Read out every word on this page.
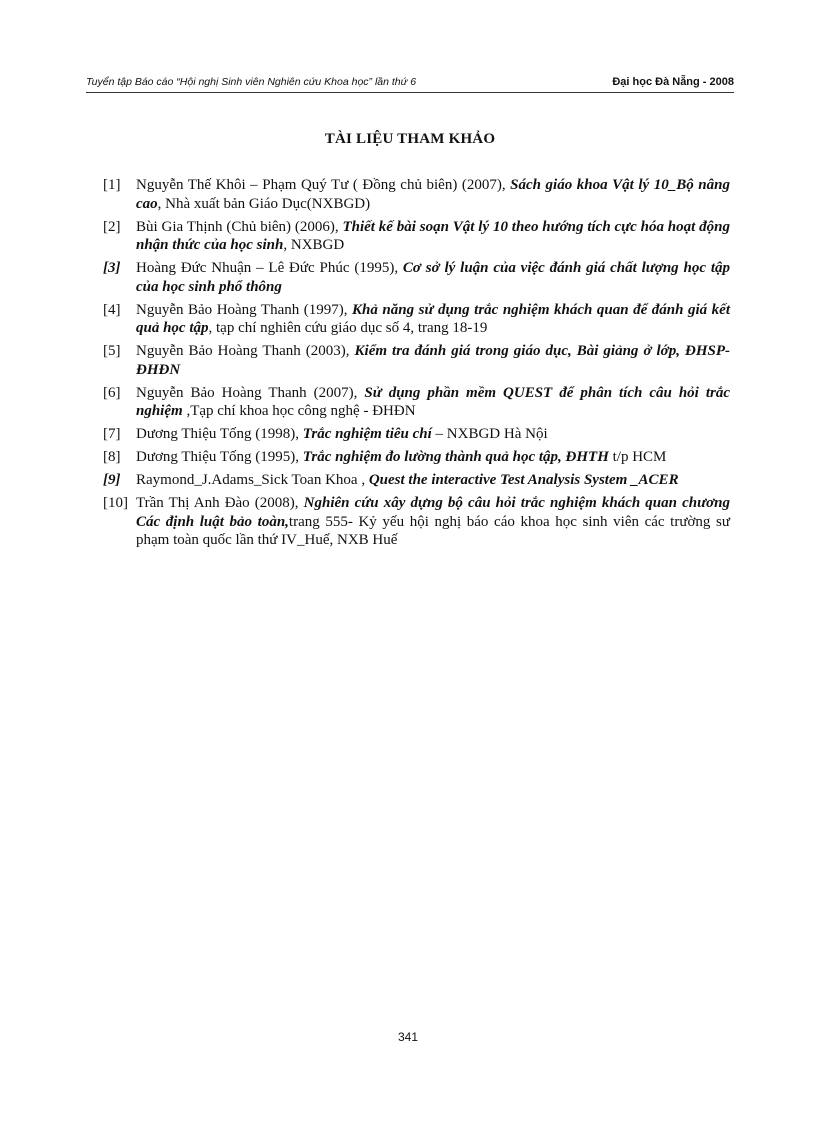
Tuyển tập Báo cáo “Hội nghị Sinh viên Nghiên cứu Khoa học” lần thứ 6	Đại học Đà Nẵng - 2008
TÀI LIỆU THAM KHẢO
[1]	Nguyễn Thế Khôi – Phạm Quý Tư ( Đồng chủ biên) (2007), Sách giáo khoa Vật lý 10_Bộ nâng cao, Nhà xuất bản Giáo Dục(NXBGD)
[2]	Bùi Gia Thịnh (Chủ biên) (2006), Thiết kế bài soạn Vật lý 10 theo hướng tích cực hóa hoạt động nhận thức của học sinh, NXBGD
[3]	Hoàng Đức Nhuận – Lê Đức Phúc (1995), Cơ sở lý luận của việc đánh giá chất lượng học tập của học sinh phổ thông
[4]	Nguyễn Bảo Hoàng Thanh (1997), Khả năng sử dụng trắc nghiệm khách quan để đánh giá kết quả học tập, tạp chí nghiên cứu giáo dục số 4, trang 18-19
[5]	Nguyễn Bảo Hoàng Thanh (2003), Kiểm tra đánh giá trong giáo dục, Bài giảng ở lớp, ĐHSP-ĐHĐN
[6]	Nguyễn Bảo Hoàng Thanh (2007), Sử dụng phần mềm QUEST để phân tích câu hỏi trắc nghiệm ,Tạp chí khoa học công nghệ - ĐHĐN
[7]	Dương Thiệu Tống (1998), Trắc nghiệm tiêu chí – NXBGD Hà Nội
[8]	Dương Thiệu Tống (1995), Trắc nghiệm đo lường thành quả học tập, ĐHTH t/p HCM
[9]	Raymond_J.Adams_Sick Toan Khoa , Quest the interactive Test Analysis System _ACER
[10] Trần Thị Anh Đào (2008), Nghiên cứu xây dựng bộ câu hỏi trắc nghiệm khách quan chương Các định luật bảo toàn,trang 555- Kỷ yếu hội nghị báo cáo khoa học sinh viên các trường sư phạm toàn quốc lần thứ IV_Huế, NXB Huế
341
